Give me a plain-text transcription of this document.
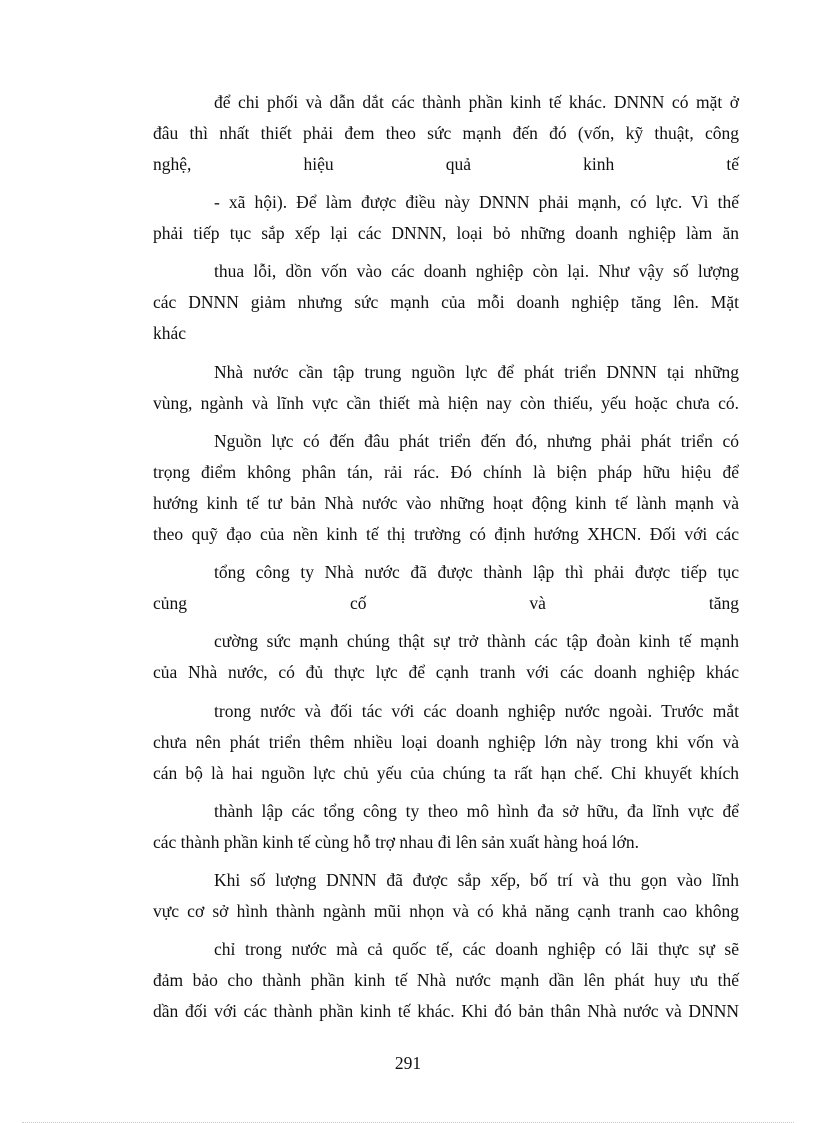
để chi phối và dẫn dắt các thành phần kinh tế khác. DNNN có mặt ở
đâu thì nhất thiết phải đem theo sức mạnh đến đó (vốn, kỹ thuật, công
nghệ, hiệu quả kinh tế
- xã hội). Để làm được điều này DNNN phải mạnh, có lực. Vì thế
phải tiếp tục sắp xếp lại các DNNN, loại bỏ những doanh nghiệp làm ăn
thua lỗi, dồn vốn vào các doanh nghiệp còn lại. Như vậy số lượng
các DNNN giảm nhưng sức mạnh của mỗi doanh nghiệp tăng lên. Mặt
khác
Nhà nước cần tập trung nguồn lực để phát triển DNNN tại những
vùng, ngành và lĩnh vực cần thiết mà hiện nay còn thiếu, yếu hoặc chưa có.
Nguồn lực có đến đâu phát triển đến đó, nhưng phải phát triển có
trọng điểm không phân tán, rải rác. Đó chính là biện pháp hữu hiệu để
hướng kinh tế tư bản Nhà nước vào những hoạt động kinh tế lành mạnh và
theo quỹ đạo của nền kinh tế thị trường có định hướng XHCN. Đối với các
tổng công ty Nhà nước đã được thành lập thì phải được tiếp tục
củng cố và tăng
cường sức mạnh chúng thật sự trở thành các tập đoàn kinh tế mạnh
của Nhà nước, có đủ thực lực để cạnh tranh với các doanh nghiệp khác
trong nước và đối tác với các doanh nghiệp nước ngoài. Trước mắt
chưa nên phát triển thêm nhiều loại doanh nghiệp lớn này trong khi vốn và
cán bộ là hai nguồn lực chủ yếu của chúng ta rất hạn chế. Chỉ khuyết khích
thành lập các tổng công ty theo mô hình đa sở hữu, đa lĩnh vực để
các thành phần kinh tế cùng hỗ trợ nhau đi lên sản xuất hàng hoá lớn.
Khi số lượng DNNN đã được sắp xếp, bố trí và thu gọn vào lĩnh
vực cơ sở hình thành ngành mũi nhọn và có khả năng cạnh tranh cao không
chỉ trong nước mà cả quốc tế, các doanh nghiệp có lãi thực sự sẽ
đảm bảo cho thành phần kinh tế Nhà nước mạnh dần lên phát huy ưu thế
dần đối với các thành phần kinh tế khác. Khi đó bản thân Nhà nước và DNNN
291
